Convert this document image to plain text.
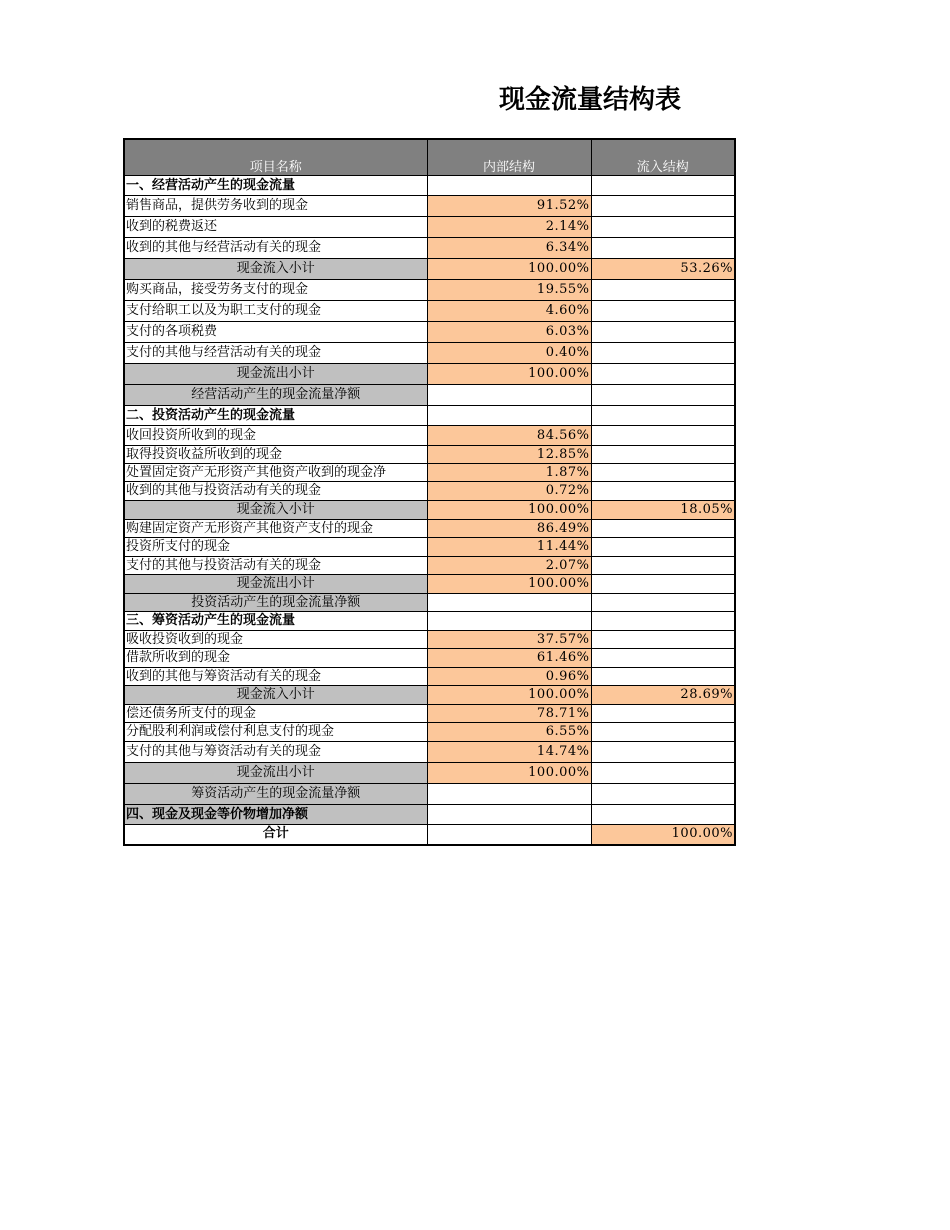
现金流量结构表
项目名称	内部结构	流入结构
一、经营活动产生的现金流量		
销售商品，提供劳务收到的现金	91.52%	
收到的税费返还	2.14%	
收到的其他与经营活动有关的现金	6.34%	
现金流入小计	100.00%	53.26%
购买商品，接受劳务支付的现金	19.55%	
支付给职工以及为职工支付的现金	4.60%	
支付的各项税费	6.03%	
支付的其他与经营活动有关的现金	0.40%	
现金流出小计	100.00%	
经营活动产生的现金流量净额		
二、投资活动产生的现金流量		
收回投资所收到的现金	84.56%	
取得投资收益所收到的现金	12.85%	
处置固定资产无形资产其他资产收到的现金净	1.87%	
收到的其他与投资活动有关的现金	0.72%	
现金流入小计	100.00%	18.05%
购建固定资产无形资产其他资产支付的现金	86.49%	
投资所支付的现金	11.44%	
支付的其他与投资活动有关的现金	2.07%	
现金流出小计	100.00%	
投资活动产生的现金流量净额		
三、筹资活动产生的现金流量		
吸收投资收到的现金	37.57%	
借款所收到的现金	61.46%	
收到的其他与筹资活动有关的现金	0.96%	
现金流入小计	100.00%	28.69%
偿还债务所支付的现金	78.71%	
分配股利利润或偿付利息支付的现金	6.55%	
支付的其他与筹资活动有关的现金	14.74%	
现金流出小计	100.00%	
筹资活动产生的现金流量净额		
四、现金及现金等价物增加净额		
合计		100.00%
